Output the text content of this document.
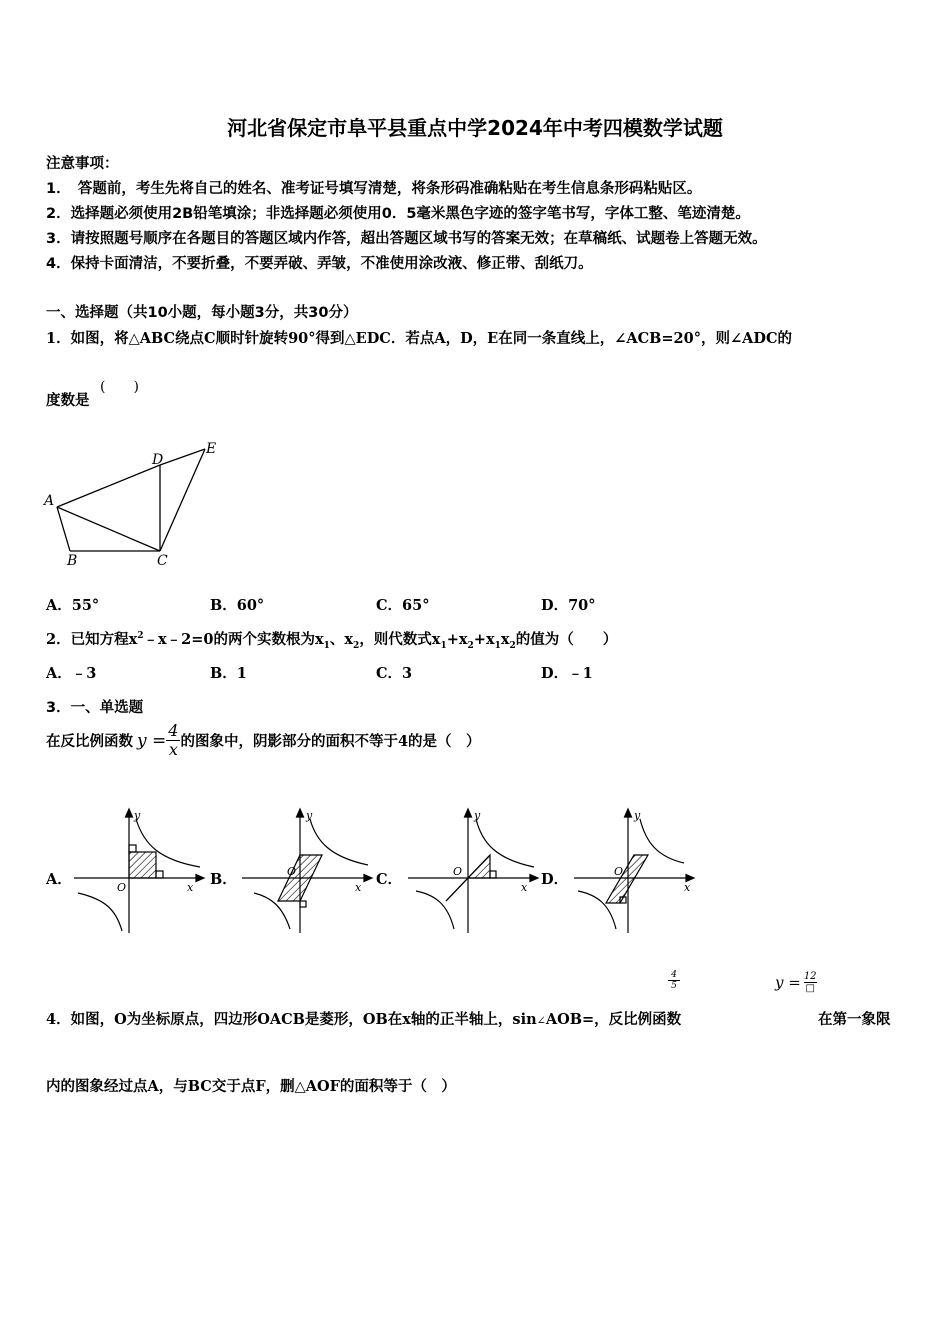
河北省保定市阜平县重点中学2024年中考四模数学试题
注意事项：
1．　答题前，考生先将自己的姓名、准考证号填写清楚，将条形码准确粘贴在考生信息条形码粘贴区。
2．选择题必须使用2B铅笔填涂；非选择题必须使用0．5毫米黑色字迹的签字笔书写，字体工整、笔迹清楚。
3．请按照题号顺序在各题目的答题区域内作答，超出答题区域书写的答案无效；在草稿纸、试题卷上答题无效。
4．保持卡面清洁，不要折叠，不要弄破、弄皱，不准使用涂改液、修正带、刮纸刀。
一、选择题（共10小题，每小题3分，共30分）
1．如图，将△ABC绕点C顺时针旋转90°得到△EDC．若点A，D，E在同一条直线上，∠ACB=20°，则∠ADC的
度数是
(　　)
A
B	C
D
E
A．55°	B．60°	C．65°	D．70°
2．已知方程$x^2﹣x﹣2=0$的两个实数根为$x_1$、$x_2$，则代数式$x_1+x_2+x_1x_2$的值为（　　）
A．﹣3	B．1	C．3	D．﹣1
3．一、单选题
在反比例函数 $y = \frac{4}{x}$ 的图象中，阴影部分的面积不等于4的是（　）
A．	B．	C．	D．
y
x
O
y
x
O
y
x
O
y
x
O
4
5	y = 12
□
4．如图，O为坐标原点，四边形OACB是菱形，OB在x轴的正半轴上，sin∠AOB=，反比例函数	在第一象限
内的图象经过点A，与BC交于点F，删△AOF的面积等于（　）
